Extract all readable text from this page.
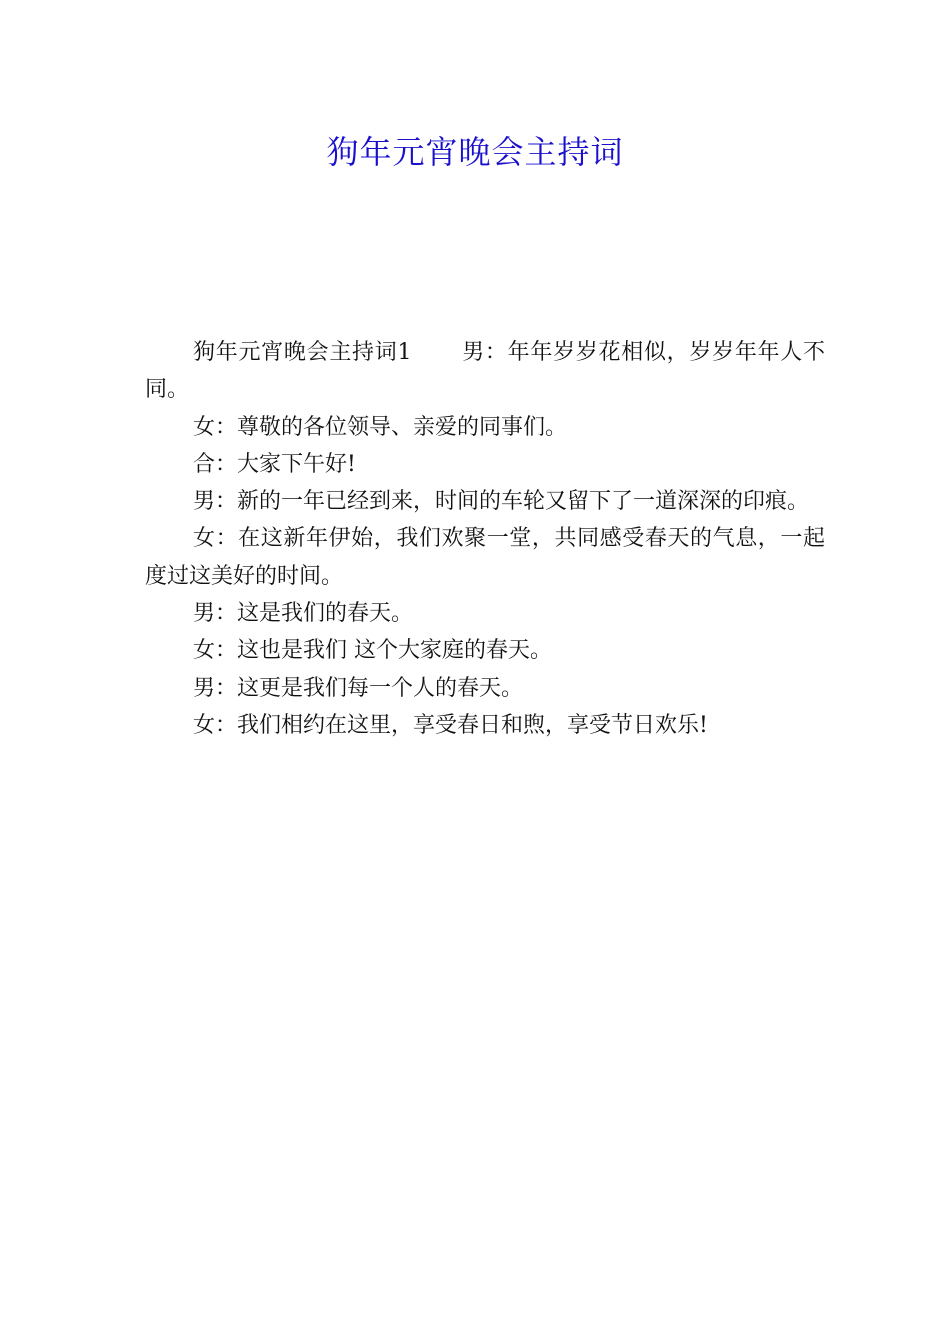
狗年元宵晚会主持词

狗年元宵晚会主持词1 男：年年岁岁花相似，岁岁年年人不同。

女：尊敬的各位领导、亲爱的同事们。

合：大家下午好!

男：新的一年已经到来，时间的车轮又留下了一道深深的印痕。

女：在这新年伊始，我们欢聚一堂，共同感受春天的气息，一起度过这美好的时间。

男：这是我们的春天。

女：这也是我们 这个大家庭的春天。

男：这更是我们每一个人的春天。

女：我们相约在这里，享受春日和煦，享受节日欢乐!
